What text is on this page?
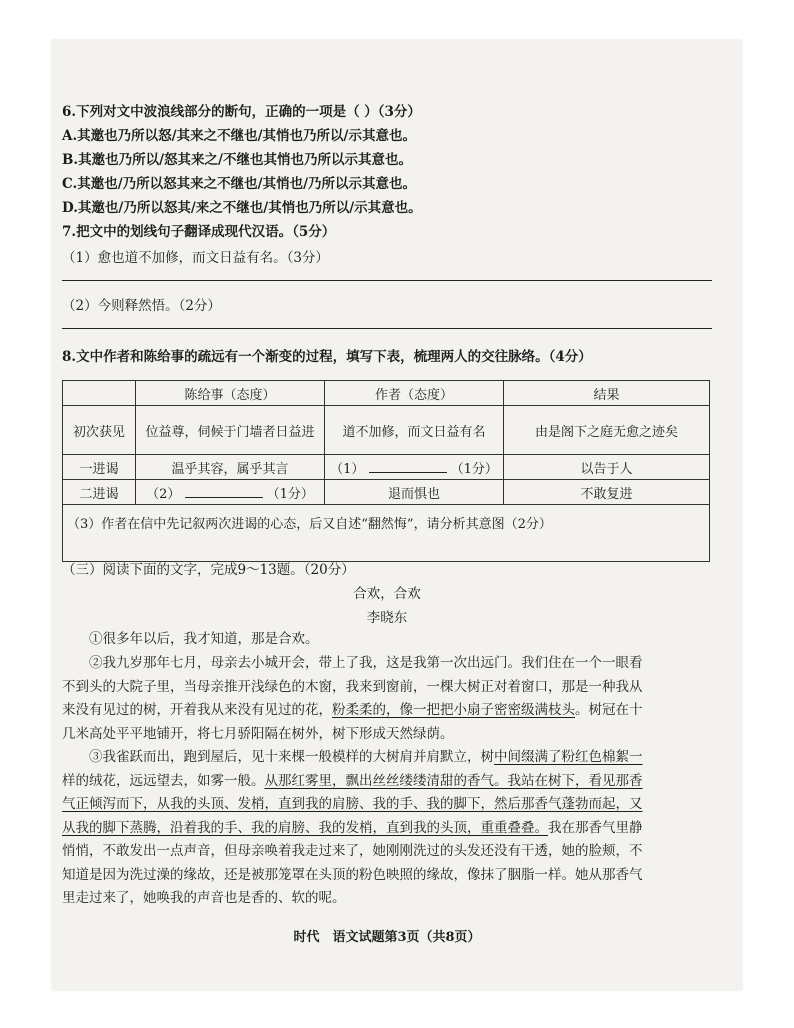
6.下列对文中波浪线部分的断句，正确的一项是（ ）（3分）
A.其邀也乃所以怒/其来之不继也/其悄也乃所以/示其意也。
B.其邀也乃所以/怒其来之/不继也其悄也乃所以示其意也。
C.其邀也/乃所以怒其来之不继也/其悄也/乃所以示其意也。
D.其邀也/乃所以怒其/来之不继也/其悄也乃所以/示其意也。
7.把文中的划线句子翻译成现代汉语。（5分）
（1）愈也道不加修，而文日益有名。（3分）
（2）今则释然悟。（2分）
8.文中作者和陈给事的疏远有一个渐变的过程，填写下表，梳理两人的交往脉络。（4分）
	陈给事（态度）	作者（态度）	结果
初次获见	位益尊，伺候于门墙者日益进	道不加修，而文日益有名	由是阁下之庭无愈之迹矣
一进谒	温乎其容，属乎其言	（1） （1分）	以告于人
二进谒	（2） （1分）	退而惧也	不敢复进
（3）作者在信中先记叙两次进谒的心态，后又自述“翻然悔”，请分析其意图（2分）			
（三）阅读下面的文字，完成9～13题。（20分）
合欢，合欢
李晓东
①很多年以后，我才知道，那是合欢。
②我九岁那年七月，母亲去小城开会，带上了我，这是我第一次出远门。我们住在一个一眼看
不到头的大院子里，当母亲推开浅绿色的木窗，我来到窗前，一棵大树正对着窗口，那是一种我从
来没有见过的树，开着我从来没有见过的花，粉柔柔的，像一把把小扇子密密级满枝头。树冠在十
几米高处平平地铺开，将七月骄阳隔在树外，树下形成天然绿荫。
③我雀跃而出，跑到屋后，见十来棵一般模样的大树肩并肩默立，树中间缀满了粉红色棉絮一
样的绒花，远远望去，如雾一般。从那红雾里，飘出丝丝缕缕清甜的香气。我站在树下，看见那香
气正倾泻而下，从我的头顶、发梢，直到我的肩膀、我的手、我的脚下，然后那香气蓬勃而起，又
从我的脚下蒸腾，沿着我的手、我的肩膀、我的发梢，直到我的头顶，重重叠叠。我在那香气里静
悄悄，不敢发出一点声音，但母亲唤着我走过来了，她刚刚洗过的头发还没有干透，她的脸颊，不
知道是因为洗过澡的缘故，还是被那笼罩在头顶的粉色映照的缘故，像抹了胭脂一样。她从那香气
里走过来了，她唤我的声音也是香的、软的呢。
时代　语文试题第3页（共8页）
